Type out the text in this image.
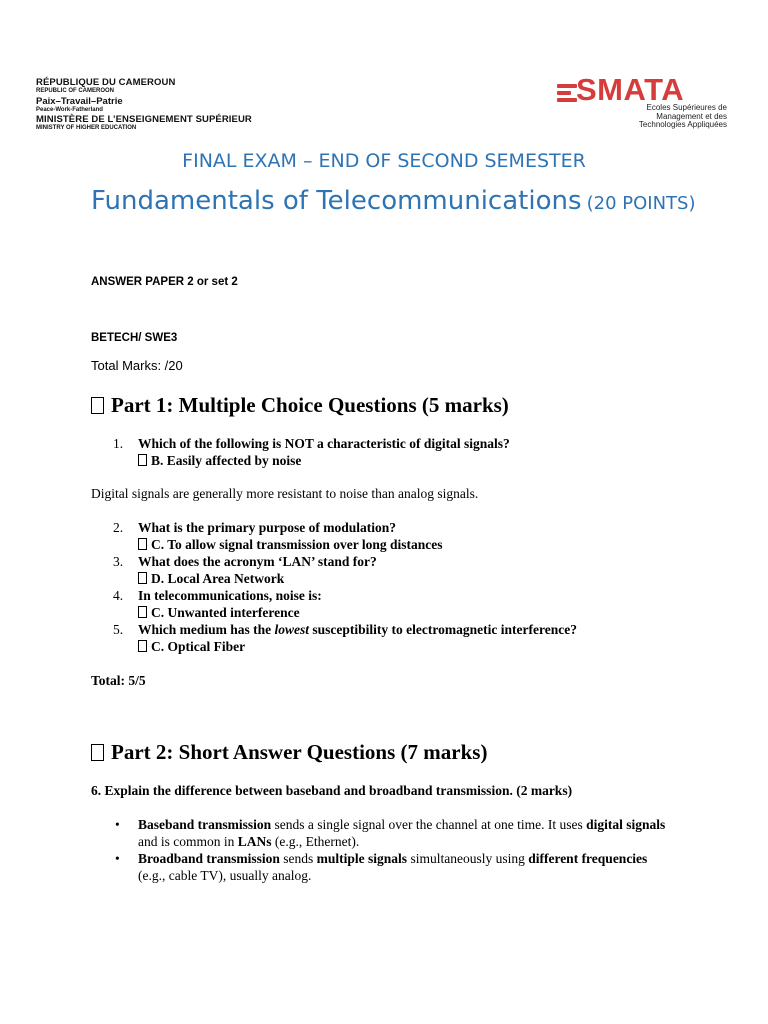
RÉPUBLIQUE DU CAMEROUN
REPUBLIC OF CAMEROON
Paix–Travail–Patrie
Peace-Work-Fatherland
MINISTÈRE DE L’ENSEIGNEMENT SUPÉRIEUR
MINISTRY OF HIGHER EDUCATION
SMATA
Ecoles Supérieures de
Management et des
Technologies Appliquées
FINAL EXAM – END OF SECOND SEMESTER
Fundamentals of Telecommunications (20 POINTS)
ANSWER PAPER 2 or set 2
BETECH/ SWE3
Total Marks: /20
Part 1: Multiple Choice Questions (5 marks)
1. Which of the following is NOT a characteristic of digital signals?
B. Easily affected by noise
Digital signals are generally more resistant to noise than analog signals.
2. What is the primary purpose of modulation?
C. To allow signal transmission over long distances
3. What does the acronym ‘LAN’ stand for?
D. Local Area Network
4. In telecommunications, noise is:
C. Unwanted interference
5. Which medium has the lowest susceptibility to electromagnetic interference?
C. Optical Fiber
Total: 5/5
Part 2: Short Answer Questions (7 marks)
6. Explain the difference between baseband and broadband transmission. (2 marks)
• Baseband transmission sends a single signal over the channel at one time. It uses digital signals and is common in LANs (e.g., Ethernet).
• Broadband transmission sends multiple signals simultaneously using different frequencies (e.g., cable TV), usually analog.
